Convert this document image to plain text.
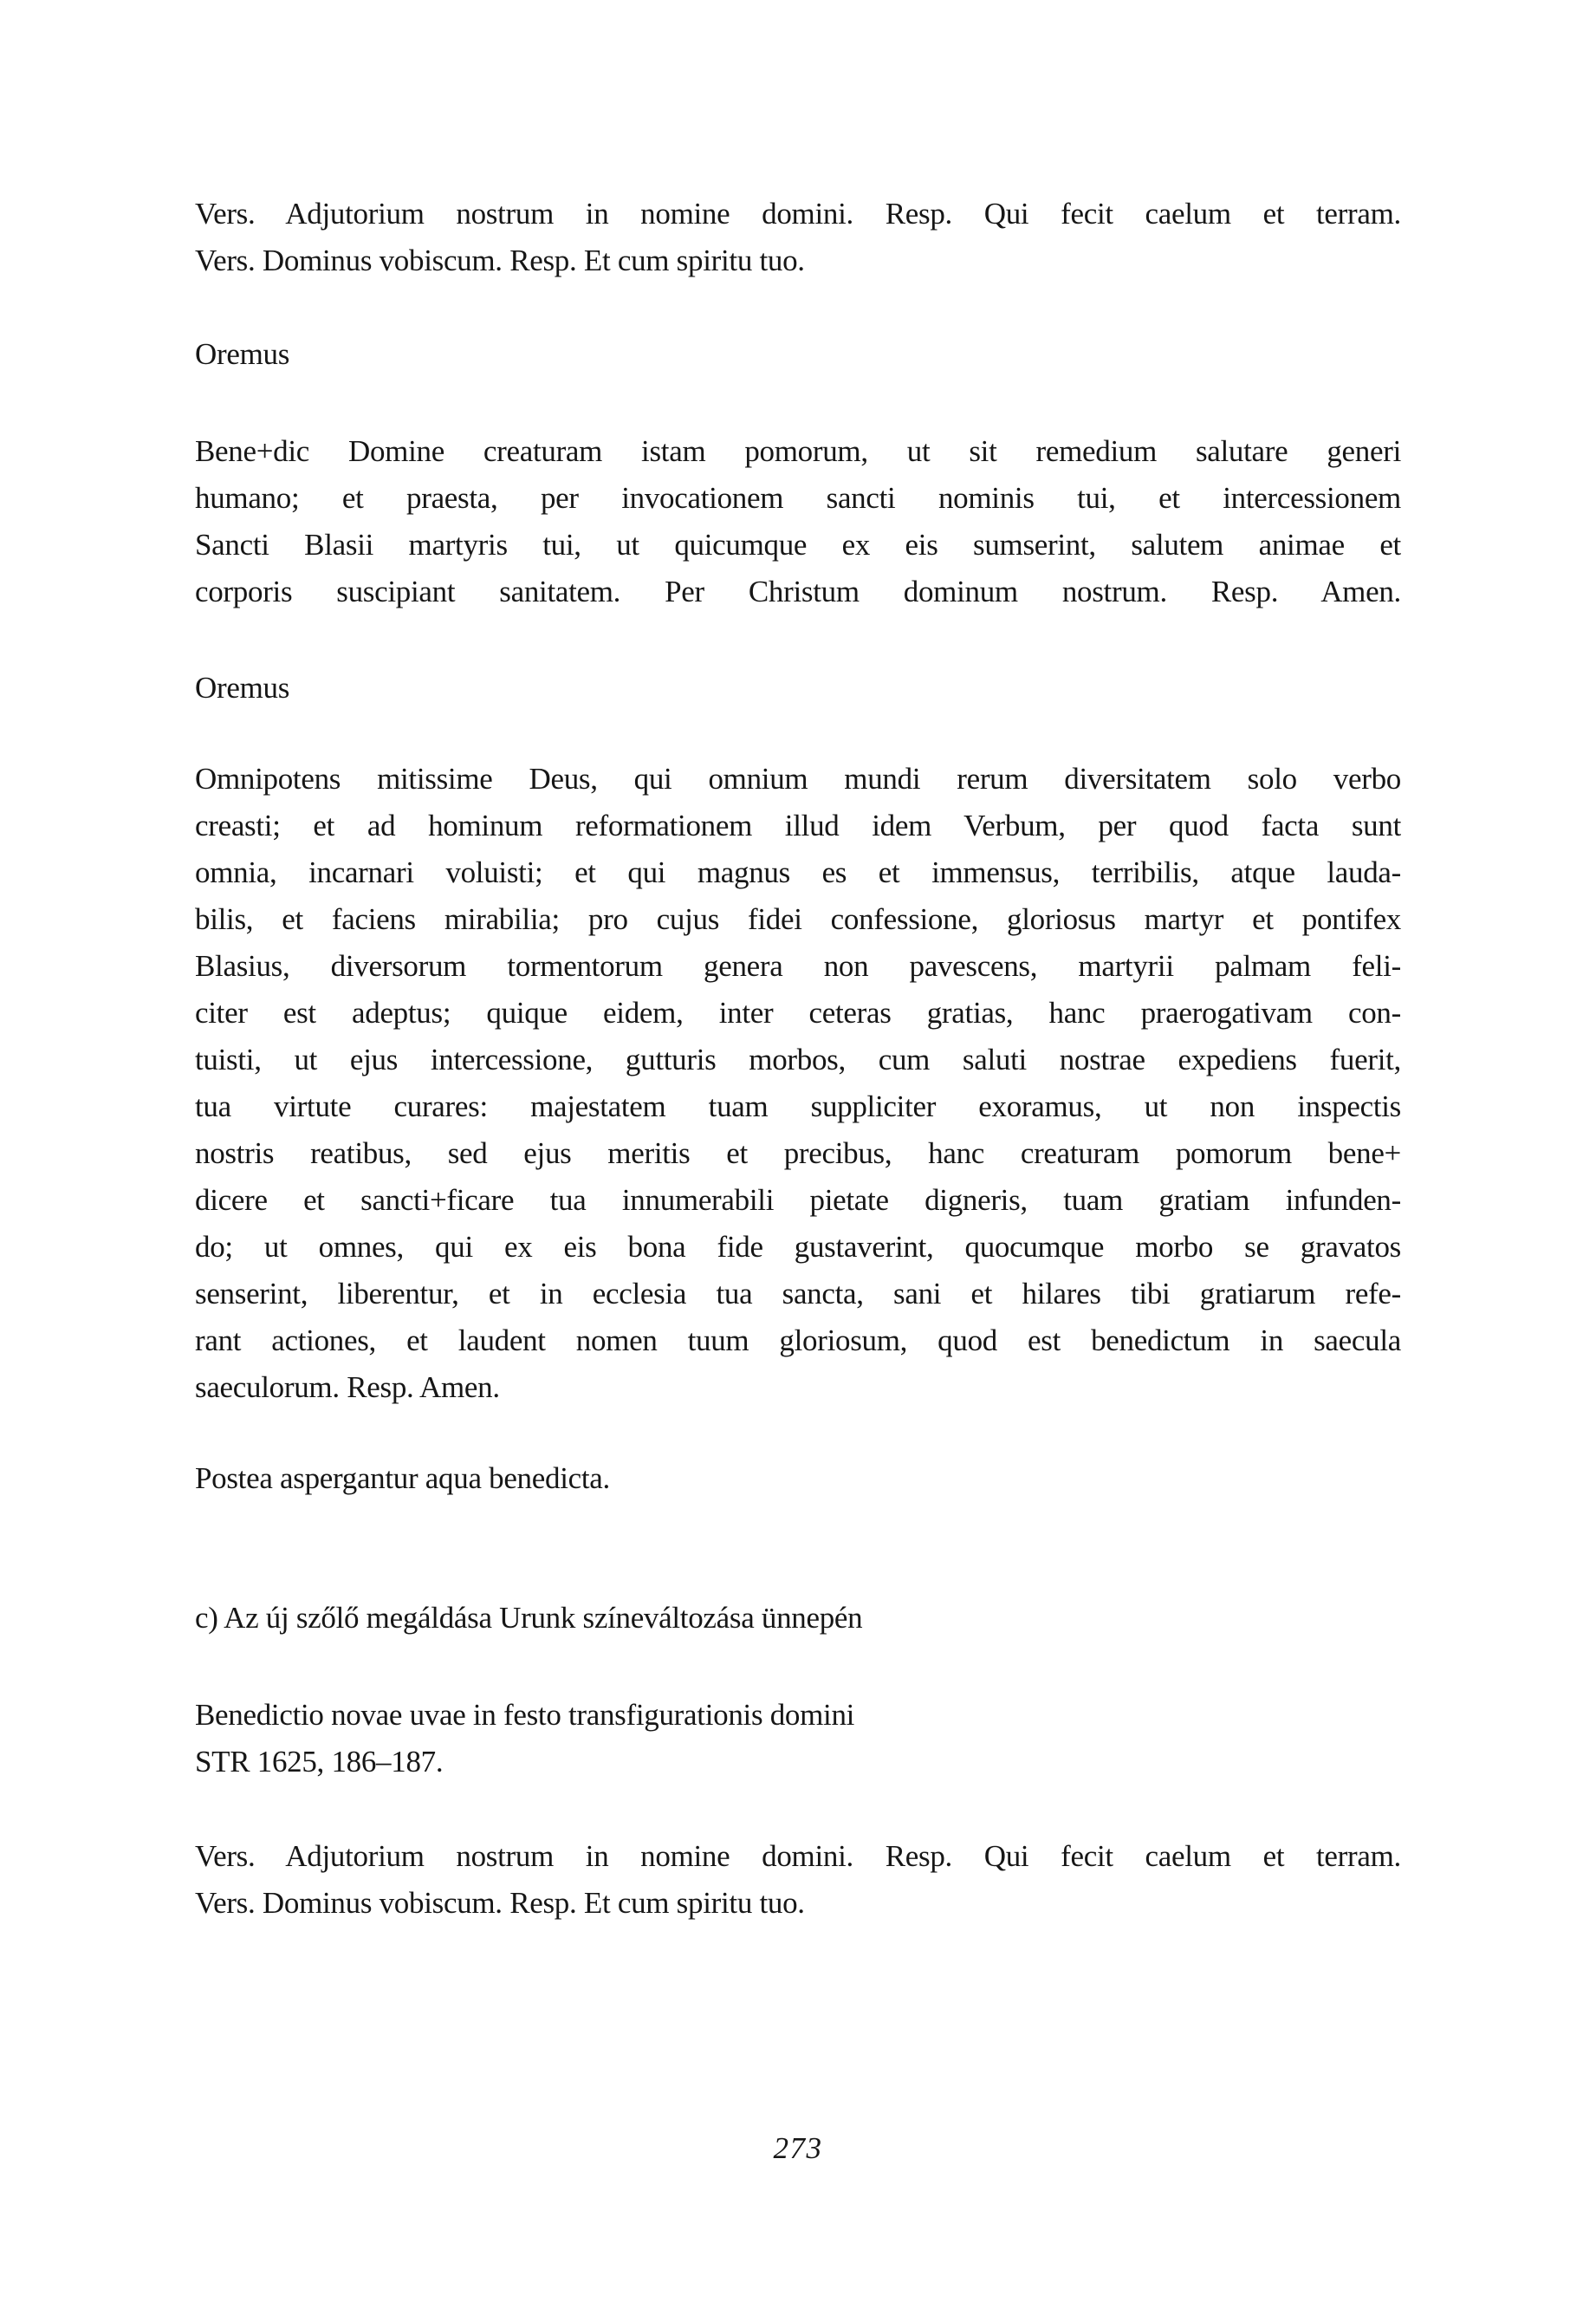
Vers. Adjutorium nostrum in nomine domini. Resp. Qui fecit caelum et terram.
Vers. Dominus vobiscum. Resp. Et cum spiritu tuo.
Oremus
Bene+dic Domine creaturam istam pomorum, ut sit remedium salutare generi
humano; et praesta, per invocationem sancti nominis tui, et intercessionem
Sancti Blasii martyris tui, ut quicumque ex eis sumserint, salutem animae et
corporis suscipiant sanitatem. Per Christum dominum nostrum. Resp. Amen.
Oremus
Omnipotens mitissime Deus, qui omnium mundi rerum diversitatem solo verbo
creasti; et ad hominum reformationem illud idem Verbum, per quod facta sunt
omnia, incarnari voluisti; et qui magnus es et immensus, terribilis, atque lauda-
bilis, et faciens mirabilia; pro cujus fidei confessione, gloriosus martyr et pontifex
Blasius, diversorum tormentorum genera non pavescens, martyrii palmam feli-
citer est adeptus; quique eidem, inter ceteras gratias, hanc praerogativam con-
tuisti, ut ejus intercessione, gutturis morbos, cum saluti nostrae expediens fuerit,
tua virtute curares: majestatem tuam suppliciter exoramus, ut non inspectis
nostris reatibus, sed ejus meritis et precibus, hanc creaturam pomorum bene+
dicere et sancti+ficare tua innumerabili pietate digneris, tuam gratiam infunden-
do; ut omnes, qui ex eis bona fide gustaverint, quocumque morbo se gravatos
senserint, liberentur, et in ecclesia tua sancta, sani et hilares tibi gratiarum refe-
rant actiones, et laudent nomen tuum gloriosum, quod est benedictum in saecula
saeculorum. Resp. Amen.
Postea aspergantur aqua benedicta.
c) Az új szőlő megáldása Urunk színeváltozása ünnepén
Benedictio novae uvae in festo transfigurationis domini
STR 1625, 186–187.
Vers. Adjutorium nostrum in nomine domini. Resp. Qui fecit caelum et terram.
Vers. Dominus vobiscum. Resp. Et cum spiritu tuo.
273
